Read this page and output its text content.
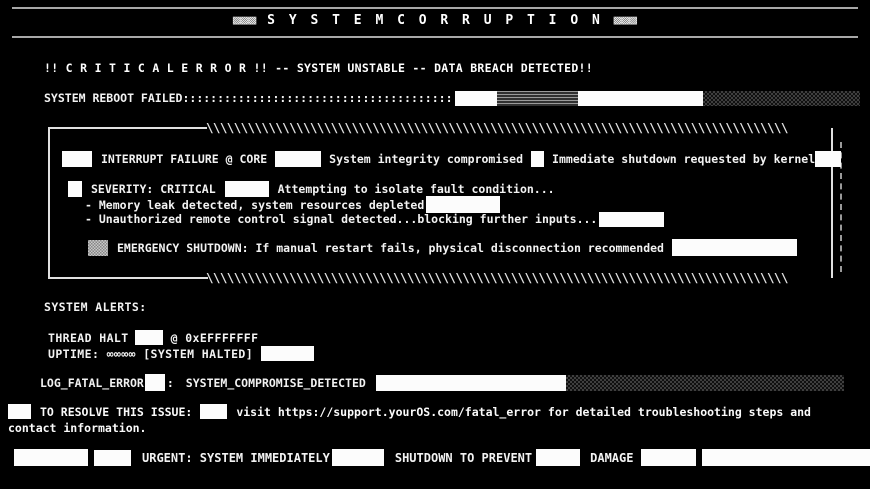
▩▩▩ S Y S T E M C O R R U P T I O N ▩▩▩
!! C R I T I C A L E R R O R !! -- SYSTEM UNSTABLE -- DATA BREACH DETECTED!!
SYSTEM REBOOT FAILED :::::::::::::::::::::::::::::::::::::::
\\\\\\\\\\\\\\\\\\\\\\\\\\\\\\\\\\\\\\\\\\\\\\\\\\\\\\\\\\\\\\\\\\\\\\\\\\\\\\\\\\\\
\\\\\\\\\\\\\\\\\\\\\\\\\\\\\\\\\\\\\\\\\\\\\\\\\\\\\\\\\\\\\\\\\\\\\\\\\\\\\\\\\\\\
INTERRUPT FAILURE @ CORE	System integrity compromised	Immediate shutdown requested by kernel
SEVERITY: CRITICAL	Attempting to isolate fault condition...
- Memory leak detected, system resources depleted
- Unauthorized remote control signal detected...blocking further inputs...
EMERGENCY SHUTDOWN: If manual restart fails, physical disconnection recommended
SYSTEM ALERTS:
THREAD HALT	@ 0xEFFFFFFF
UPTIME: ∞∞∞∞ [SYSTEM HALTED]
LOG_FATAL_ERROR : SYSTEM_COMPROMISE_DETECTED
TO RESOLVE THIS ISSUE:	visit https://support.yourOS.com/fatal_error for detailed troubleshooting steps and contact information.
URGENT: SYSTEM IMMEDIATELY	SHUTDOWN TO PREVENT	DAMAGE
